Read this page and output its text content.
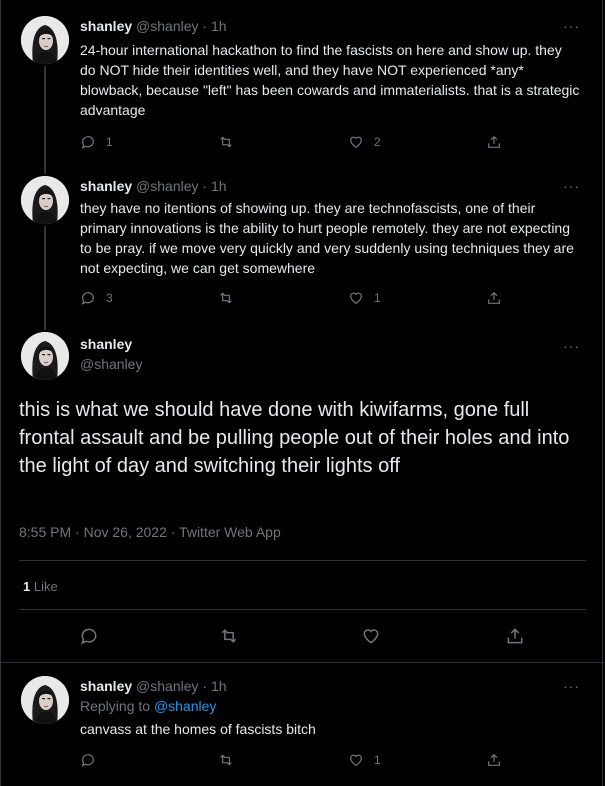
shanley @shanley · 1h	···
24-hour international hackathon to find the fascists on here and show up. they do NOT hide their identities well, and they have NOT experienced *any* blowback, because "left" has been cowards and immaterialists. that is a strategic advantage
1	2
shanley @shanley · 1h	···
they have no itentions of showing up. they are technofascists, one of their primary innovations is the ability to hurt people remotely. they are not expecting to be pray. if we move very quickly and very suddenly using techniques they are not expecting, we can get somewhere
3	1
shanley
@shanley
···
this is what we should have done with kiwifarms, gone full frontal assault and be pulling people out of their holes and into the light of day and switching their lights off
8:55 PM · Nov 26, 2022 · Twitter Web App
1 Like
shanley @shanley · 1h	···
Replying to @shanley
canvass at the homes of fascists bitch
1
